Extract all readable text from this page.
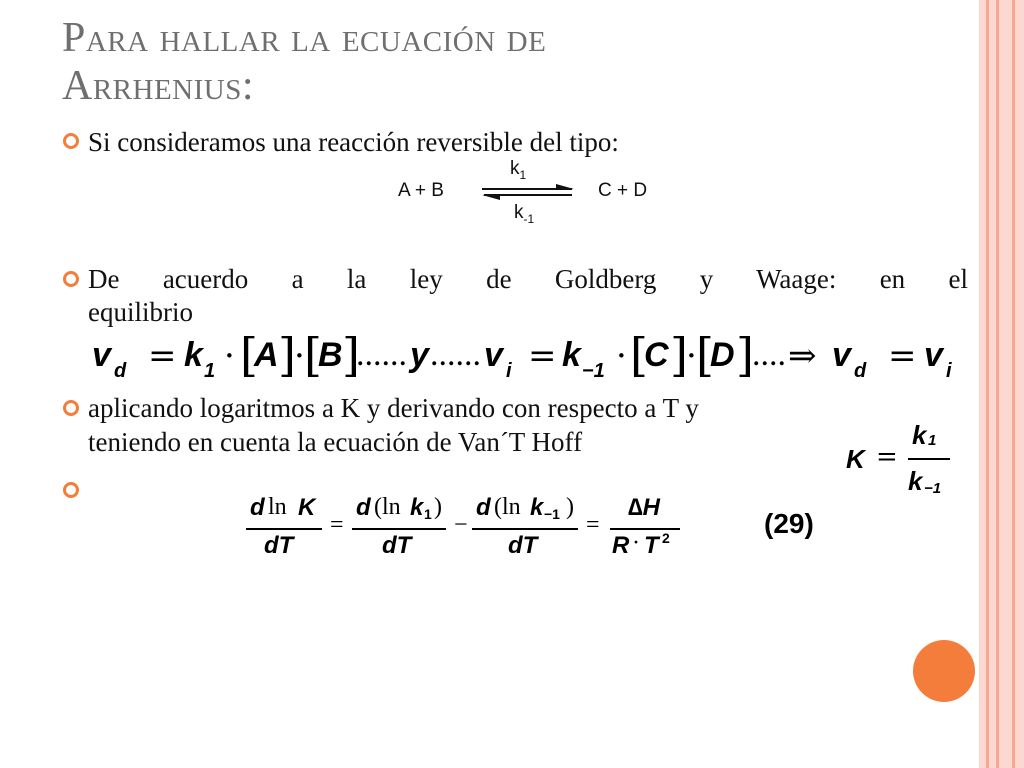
Para hallar la ecuación de
Arrhenius:
Si consideramos una reacción reversible del tipo:
A + B
$k_1$
$k_{-1}$
C + D
De acuerdo a la ley de Goldberg y Waage: en el
equilibrio
v d = k 1 · [
A ]
· [
B ]
...... y ...... v i = k −1 · [
C ]
· [
D ]
.... ⇒ v d = v i
aplicando logaritmos a K y derivando con respecto a T y
teniendo en cuenta la ecuación de Van´T Hoff
K =
k 1
k −1
d ln K
dT
=
d (ln k 1 )
dT
−
d (ln k −1 )
dT
=
∆H
R · T 2	(29)
